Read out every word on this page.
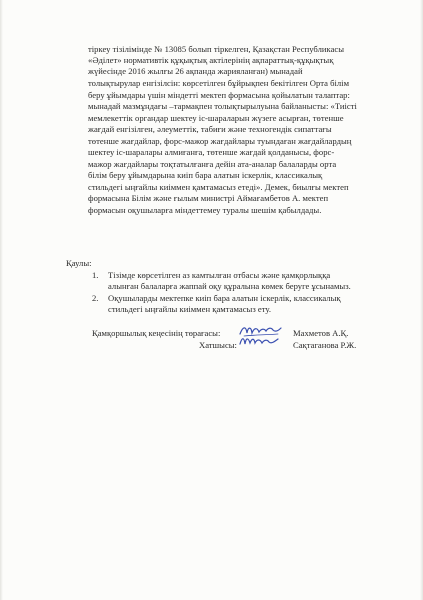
тіркеу тізілімінде № 13085 болып тіркелген, Қазақстан Республикасы
«Әділет» нормативтік құқықтық актілерінің ақпараттық-құқықтық
жүйесінде 2016 жылғы 26 ақпанда жарияланған) мынадай
толықтырулар енгізілсін: көрсетілген бұйрықпен бекітілген Орта білім
беру ұйымдары үшін міндетті мектеп формасына қойылатын талаптар:
мынадай мазмұндағы –тармақпен толықтырылуына байланысты: «Тиісті
мемлекеттік органдар шектеу іс-шараларын жүзеге асырған, төтенше
жағдай енгізілген, әлеуметтік, табиғи және техногендік сипаттағы
төтенше жағдайлар, форс-мажор жағдайлары туындаған жағдайлардың
шектеу іс-шаралары алмиғанға, төтенше жағдай қолданысы, форс-
мажор жағдайлары тоқтатылғанға дейін ата-аналар балаларды орта
білім беру ұйымдарына киіп бара алатын іскерлік, классикалық
стильдегі ыңғайлы киіммен қамтамасыз етеді». Демек, биылғы мектеп
формасына Білім және ғылым министрі Аймағамбетов А. мектеп
формасын оқушыларға міндеттемеу туралы шешім қабылдады.
Қаулы:
1. Тізімде көрсетілген аз камтылған отбасы және қамқорлыққа
алынған балаларға жаппай оқу құралына көмек беруге ұсынамыз.
2. Оқушыларды мектепке киіп бара алатын іскерлік, классикалық
стильдегі ыңғайлы киіммен қамтамасыз ету.
Қамқоршылық кеңесінің төрағасы:	Махметов А.Қ.
Хатшысы:	Сақтаганова Р.Ж.
